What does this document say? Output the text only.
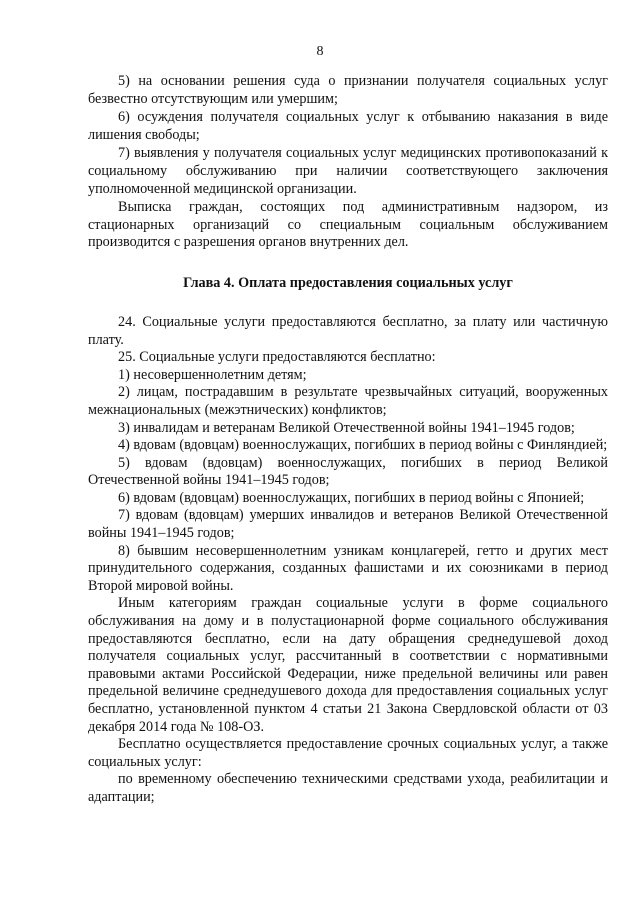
8

5) на основании решения суда о признании получателя социальных услуг безвестно отсутствующим или умершим;

6) осуждения получателя социальных услуг к отбыванию наказания в виде лишения свободы;

7) выявления у получателя социальных услуг медицинских противопоказаний к социальному обслуживанию при наличии соответствующего заключения уполномоченной медицинской организации.

Выписка граждан, состоящих под административным надзором, из стационарных организаций со специальным социальным обслуживанием производится с разрешения органов внутренних дел.

Глава 4. Оплата предоставления социальных услуг

24. Социальные услуги предоставляются бесплатно, за плату или частичную плату.

25. Социальные услуги предоставляются бесплатно:

1) несовершеннолетним детям;

2) лицам, пострадавшим в результате чрезвычайных ситуаций, вооруженных межнациональных (межэтнических) конфликтов;

3) инвалидам и ветеранам Великой Отечественной войны 1941–1945 годов;

4) вдовам (вдовцам) военнослужащих, погибших в период войны с Финляндией;

5) вдовам (вдовцам) военнослужащих, погибших в период Великой Отечественной войны 1941–1945 годов;

6) вдовам (вдовцам) военнослужащих, погибших в период войны с Японией;

7) вдовам (вдовцам) умерших инвалидов и ветеранов Великой Отечественной войны 1941–1945 годов;

8) бывшим несовершеннолетним узникам концлагерей, гетто и других мест принудительного содержания, созданных фашистами и их союзниками в период Второй мировой войны.

Иным категориям граждан социальные услуги в форме социального обслуживания на дому и в полустационарной форме социального обслуживания предоставляются бесплатно, если на дату обращения среднедушевой доход получателя социальных услуг, рассчитанный в соответствии с нормативными правовыми актами Российской Федерации, ниже предельной величины или равен предельной величине среднедушевого дохода для предоставления социальных услуг бесплатно, установленной пунктом 4 статьи 21 Закона Свердловской области от 03 декабря 2014 года № 108-ОЗ.

Бесплатно осуществляется предоставление срочных социальных услуг, а также социальных услуг:

по временному обеспечению техническими средствами ухода, реабилитации и адаптации;
